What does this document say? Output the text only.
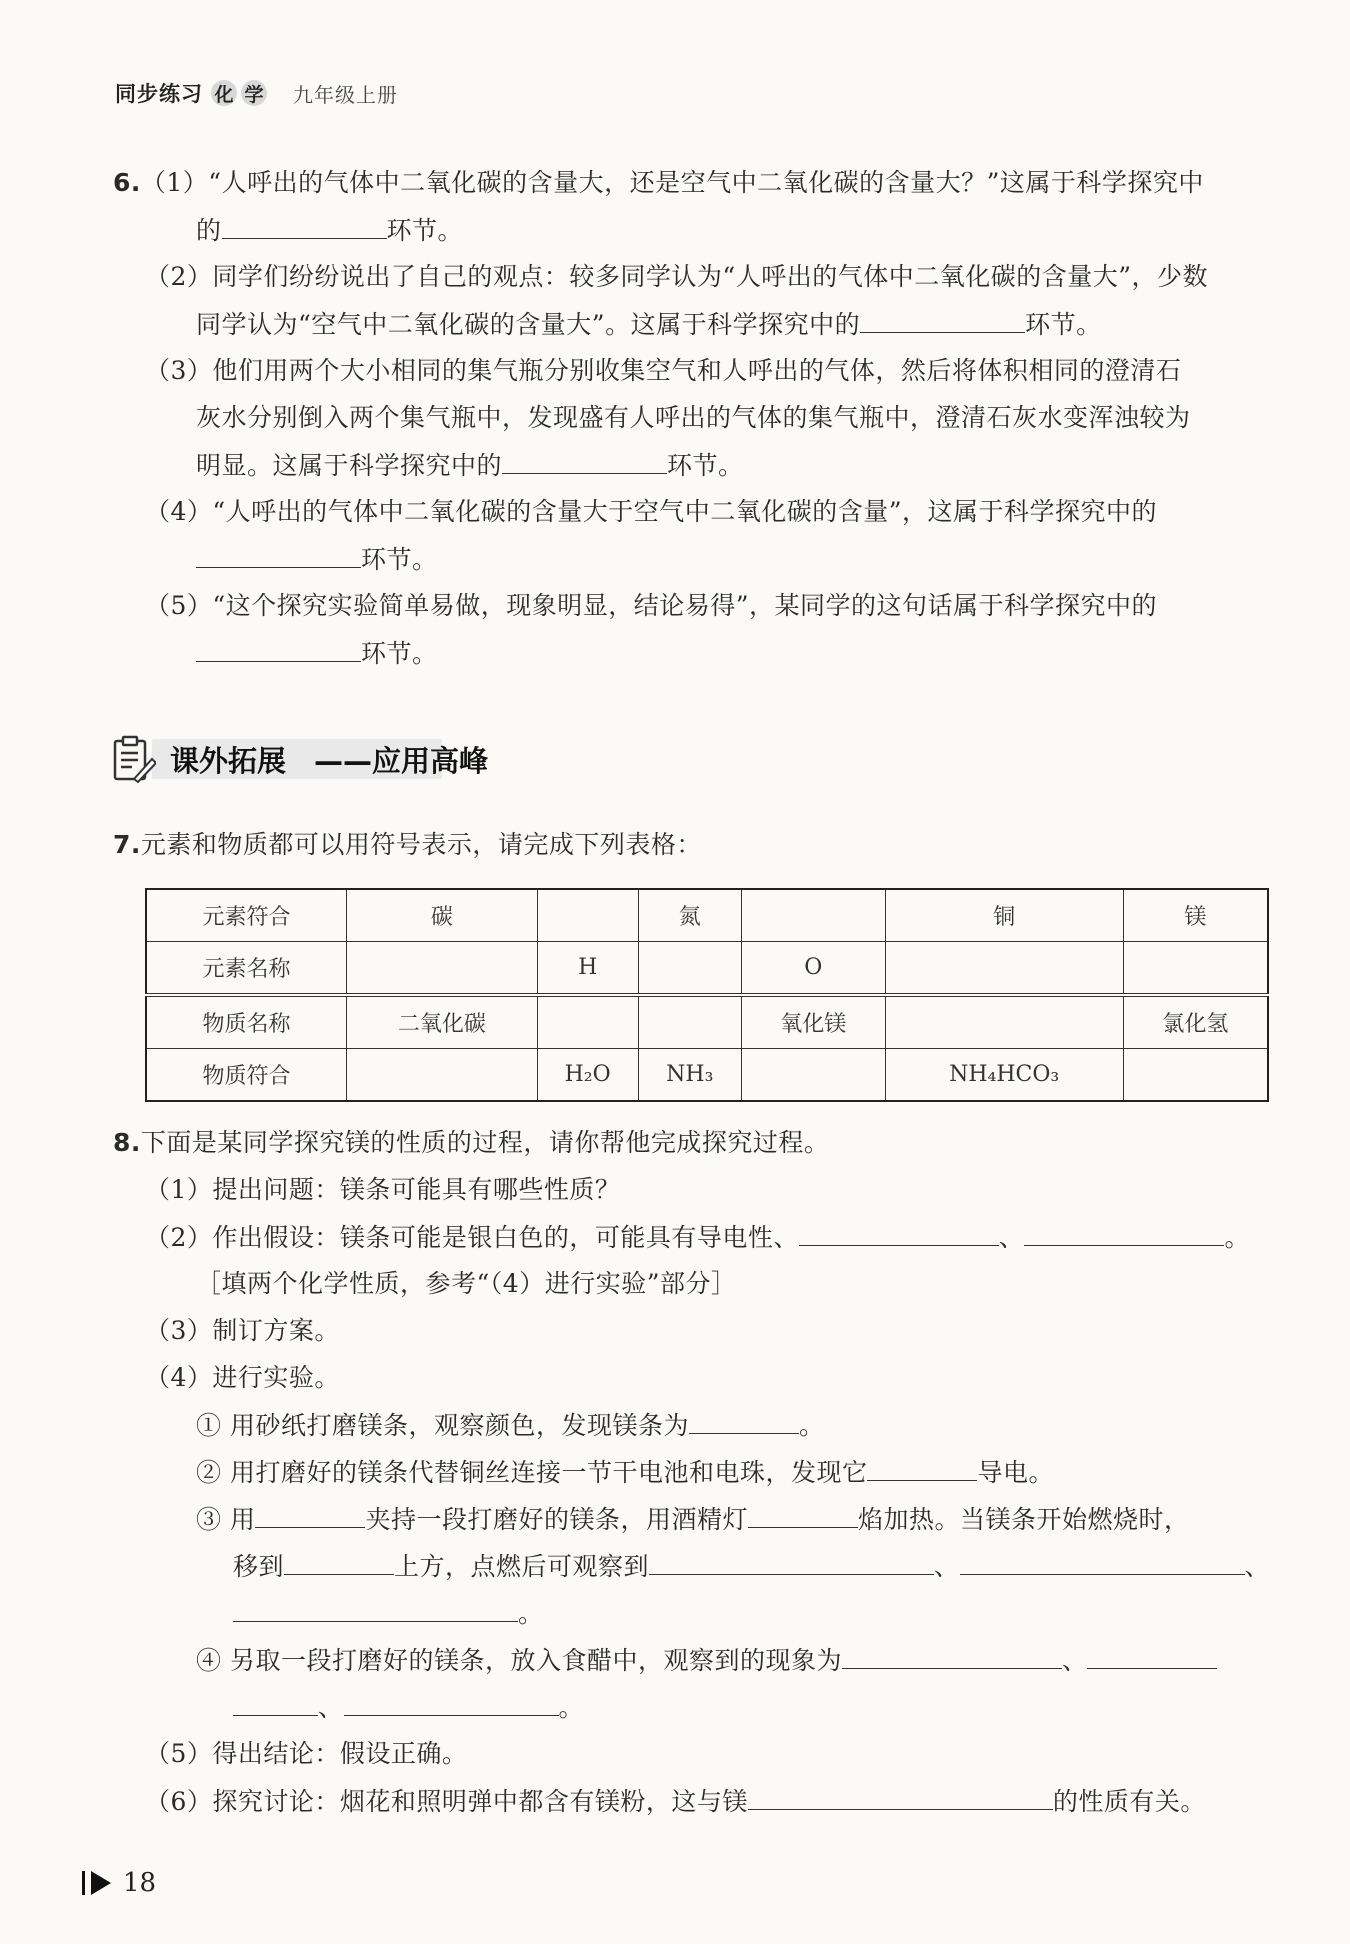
同步练习 化 学 九年级上册
6.（1）“人呼出的气体中二氧化碳的含量大，还是空气中二氧化碳的含量大？”这属于科学探究中
的	环节。
（2）同学们纷纷说出了自己的观点：较多同学认为“人呼出的气体中二氧化碳的含量大”，少数
同学认为“空气中二氧化碳的含量大”。这属于科学探究中的	环节。
（3）他们用两个大小相同的集气瓶分别收集空气和人呼出的气体，然后将体积相同的澄清石
灰水分别倒入两个集气瓶中，发现盛有人呼出的气体的集气瓶中，澄清石灰水变浑浊较为
明显。这属于科学探究中的	环节。
（4）“人呼出的气体中二氧化碳的含量大于空气中二氧化碳的含量”，这属于科学探究中的
环节。
（5）“这个探究实验简单易做，现象明显，结论易得”，某同学的这句话属于科学探究中的
环节。
课外拓展 ——应用高峰
7.元素和物质都可以用符号表示，请完成下列表格：
元素符合	碳		氮		铜	镁
元素名称		H		O		
物质名称	二氧化碳			氧化镁		氯化氢
物质符合		H₂O	NH₃		NH₄HCO₃	
8.下面是某同学探究镁的性质的过程，请你帮他完成探究过程。
（1）提出问题：镁条可能具有哪些性质？
（2）作出假设：镁条可能是银白色的，可能具有导电性、	、	。
［填两个化学性质，参考“（4）进行实验”部分］
（3）制订方案。
（4）进行实验。
① 用砂纸打磨镁条，观察颜色，发现镁条为	。
② 用打磨好的镁条代替铜丝连接一节干电池和电珠，发现它	导电。
③ 用	夹持一段打磨好的镁条，用酒精灯	焰加热。当镁条开始燃烧时，
移到	上方，点燃后可观察到	、	、
。
④ 另取一段打磨好的镁条，放入食醋中，观察到的现象为	、
、	。
（5）得出结论：假设正确。
（6）探究讨论：烟花和照明弹中都含有镁粉，这与镁	的性质有关。
18
